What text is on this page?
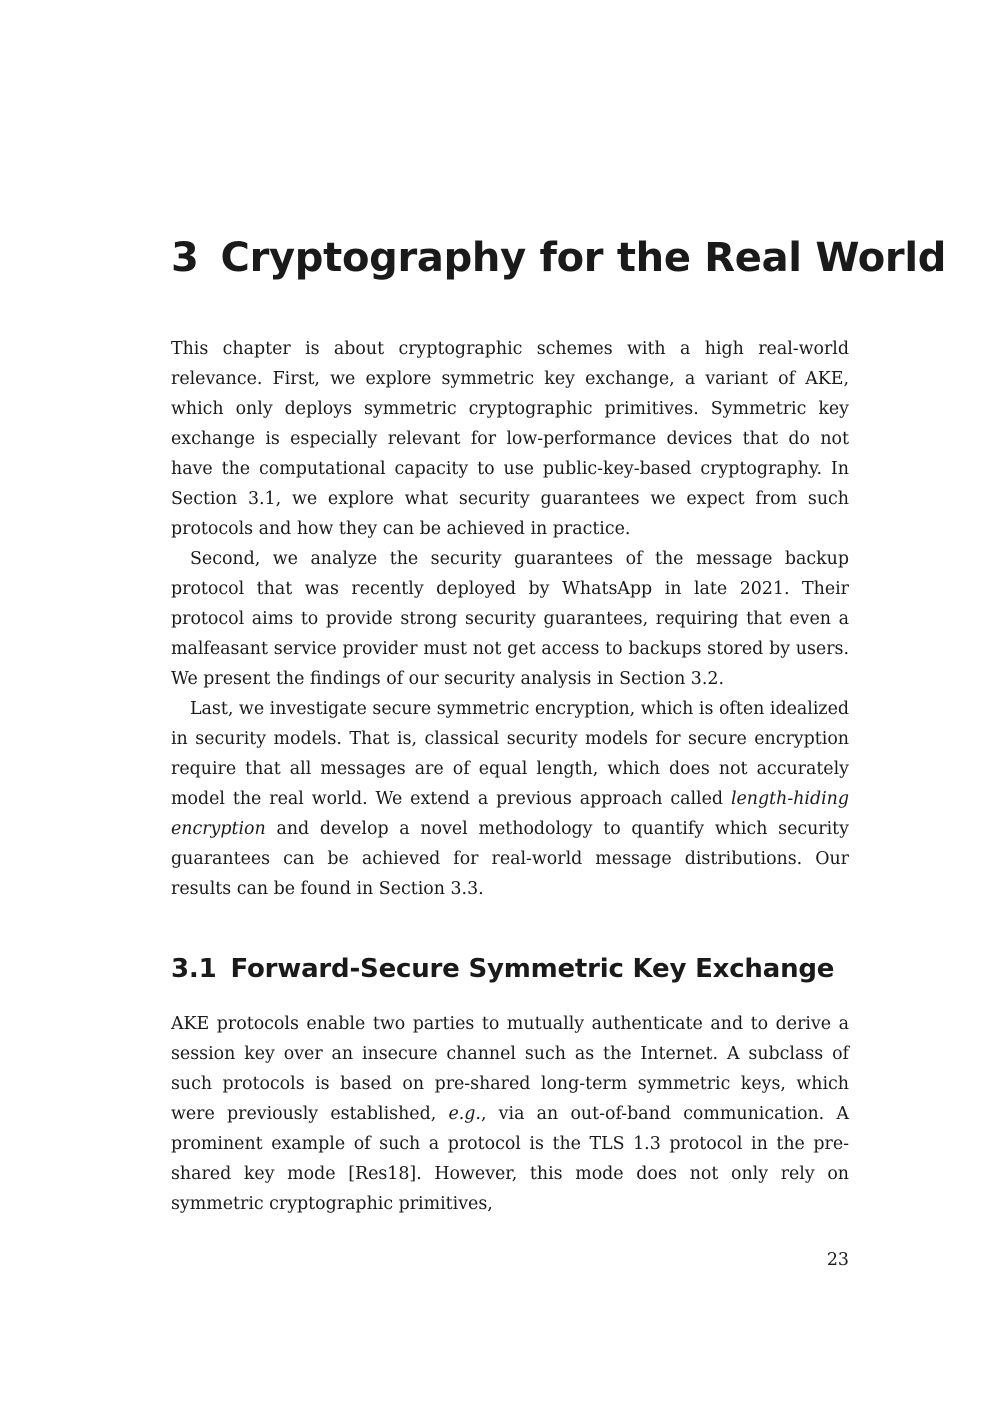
3 Cryptography for the Real World

This chapter is about cryptographic schemes with a high real-world relevance. First, we explore symmetric key exchange, a variant of AKE, which only deploys symmetric cryptographic primitives. Symmetric key exchange is especially relevant for low-performance devices that do not have the computational capacity to use public-key-based cryptography. In Section 3.1, we explore what security guarantees we expect from such protocols and how they can be achieved in practice.

Second, we analyze the security guarantees of the message backup protocol that was recently deployed by WhatsApp in late 2021. Their protocol aims to provide strong security guarantees, requiring that even a malfeasant service provider must not get access to backups stored by users. We present the findings of our security analysis in Section 3.2.

Last, we investigate secure symmetric encryption, which is often idealized in security models. That is, classical security models for secure encryption require that all messages are of equal length, which does not accurately model the real world. We extend a previous approach called length-hiding encryption and develop a novel methodology to quantify which security guarantees can be achieved for real-world message distributions. Our results can be found in Section 3.3.

3.1 Forward-Secure Symmetric Key Exchange

AKE protocols enable two parties to mutually authenticate and to derive a session key over an insecure channel such as the Internet. A subclass of such protocols is based on pre-shared long-term symmetric keys, which were previously established, e.g., via an out-of-band communication. A prominent example of such a protocol is the TLS 1.3 protocol in the pre-shared key mode [Res18]. However, this mode does not only rely on symmetric cryptographic primitives,

23
